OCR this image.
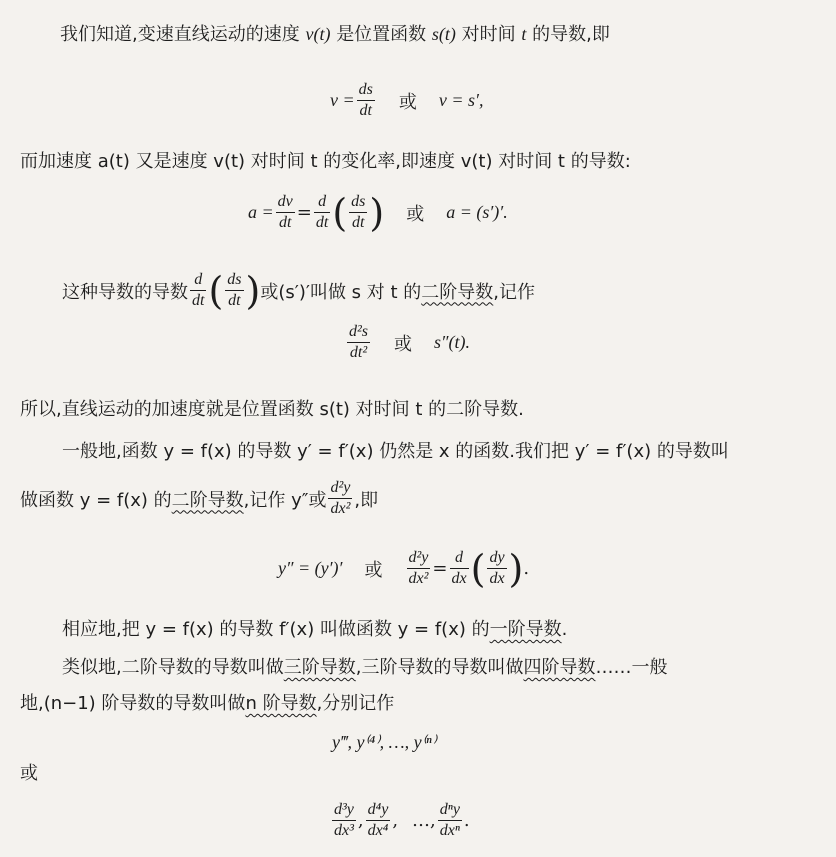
我们知道,变速直线运动的速度 v(t) 是位置函数 s(t) 对时间 t 的导数,即
$v = \frac{ds}{dt}$ 或 v = s′,
而加速度 a(t) 又是速度 v(t) 对时间 t 的变化率,即速度 v(t) 对时间 t 的导数:
$a = \frac{dv}{dt} = \frac{d}{dt}$ ( $\frac{ds}{dt}$ ) 或 a = (s′)′.
这种导数的导数 $\frac{d}{dt}$ ( $\frac{ds}{dt}$ ) 或(s′)′叫做 s 对 t 的 二阶导数 ,记作
$\frac{\text{d²s}}{\text{dt²}}$ 或 s″(t).
所以,直线运动的加速度就是位置函数 s(t) 对时间 t 的二阶导数.
一般地,函数 y = f(x) 的导数 y′ = f′(x) 仍然是 x 的函数.我们把 y′ = f′(x) 的导数叫
做函数 y = f(x) 的 二阶导数 ,记作 y″或 $\frac{\text{d²y}}{\text{dx²}}$ ,即
y″ = (y′)′ 或 $\frac{\text{d²y}}{\text{dx²}} = \frac{d}{dx}$ ( $\frac{dy}{dx}$ ) .
相应地,把 y = f(x) 的导数 f′(x) 叫做函数 y = f(x) 的一阶导数.
类似地,二阶导数的导数叫做三阶导数,三阶导数的导数叫做四阶导数……一般
地,(n−1) 阶导数的导数叫做n 阶导数,分别记作
y‴, y⁽⁴⁾, …, y⁽ⁿ⁾
或
$\frac{\text{d³y}}{\text{dx³}}$ , $\frac{\text{d⁴y}}{\text{dx⁴}}$ , …, $\frac{\text{dⁿy}}{\text{dxⁿ}}$ .
